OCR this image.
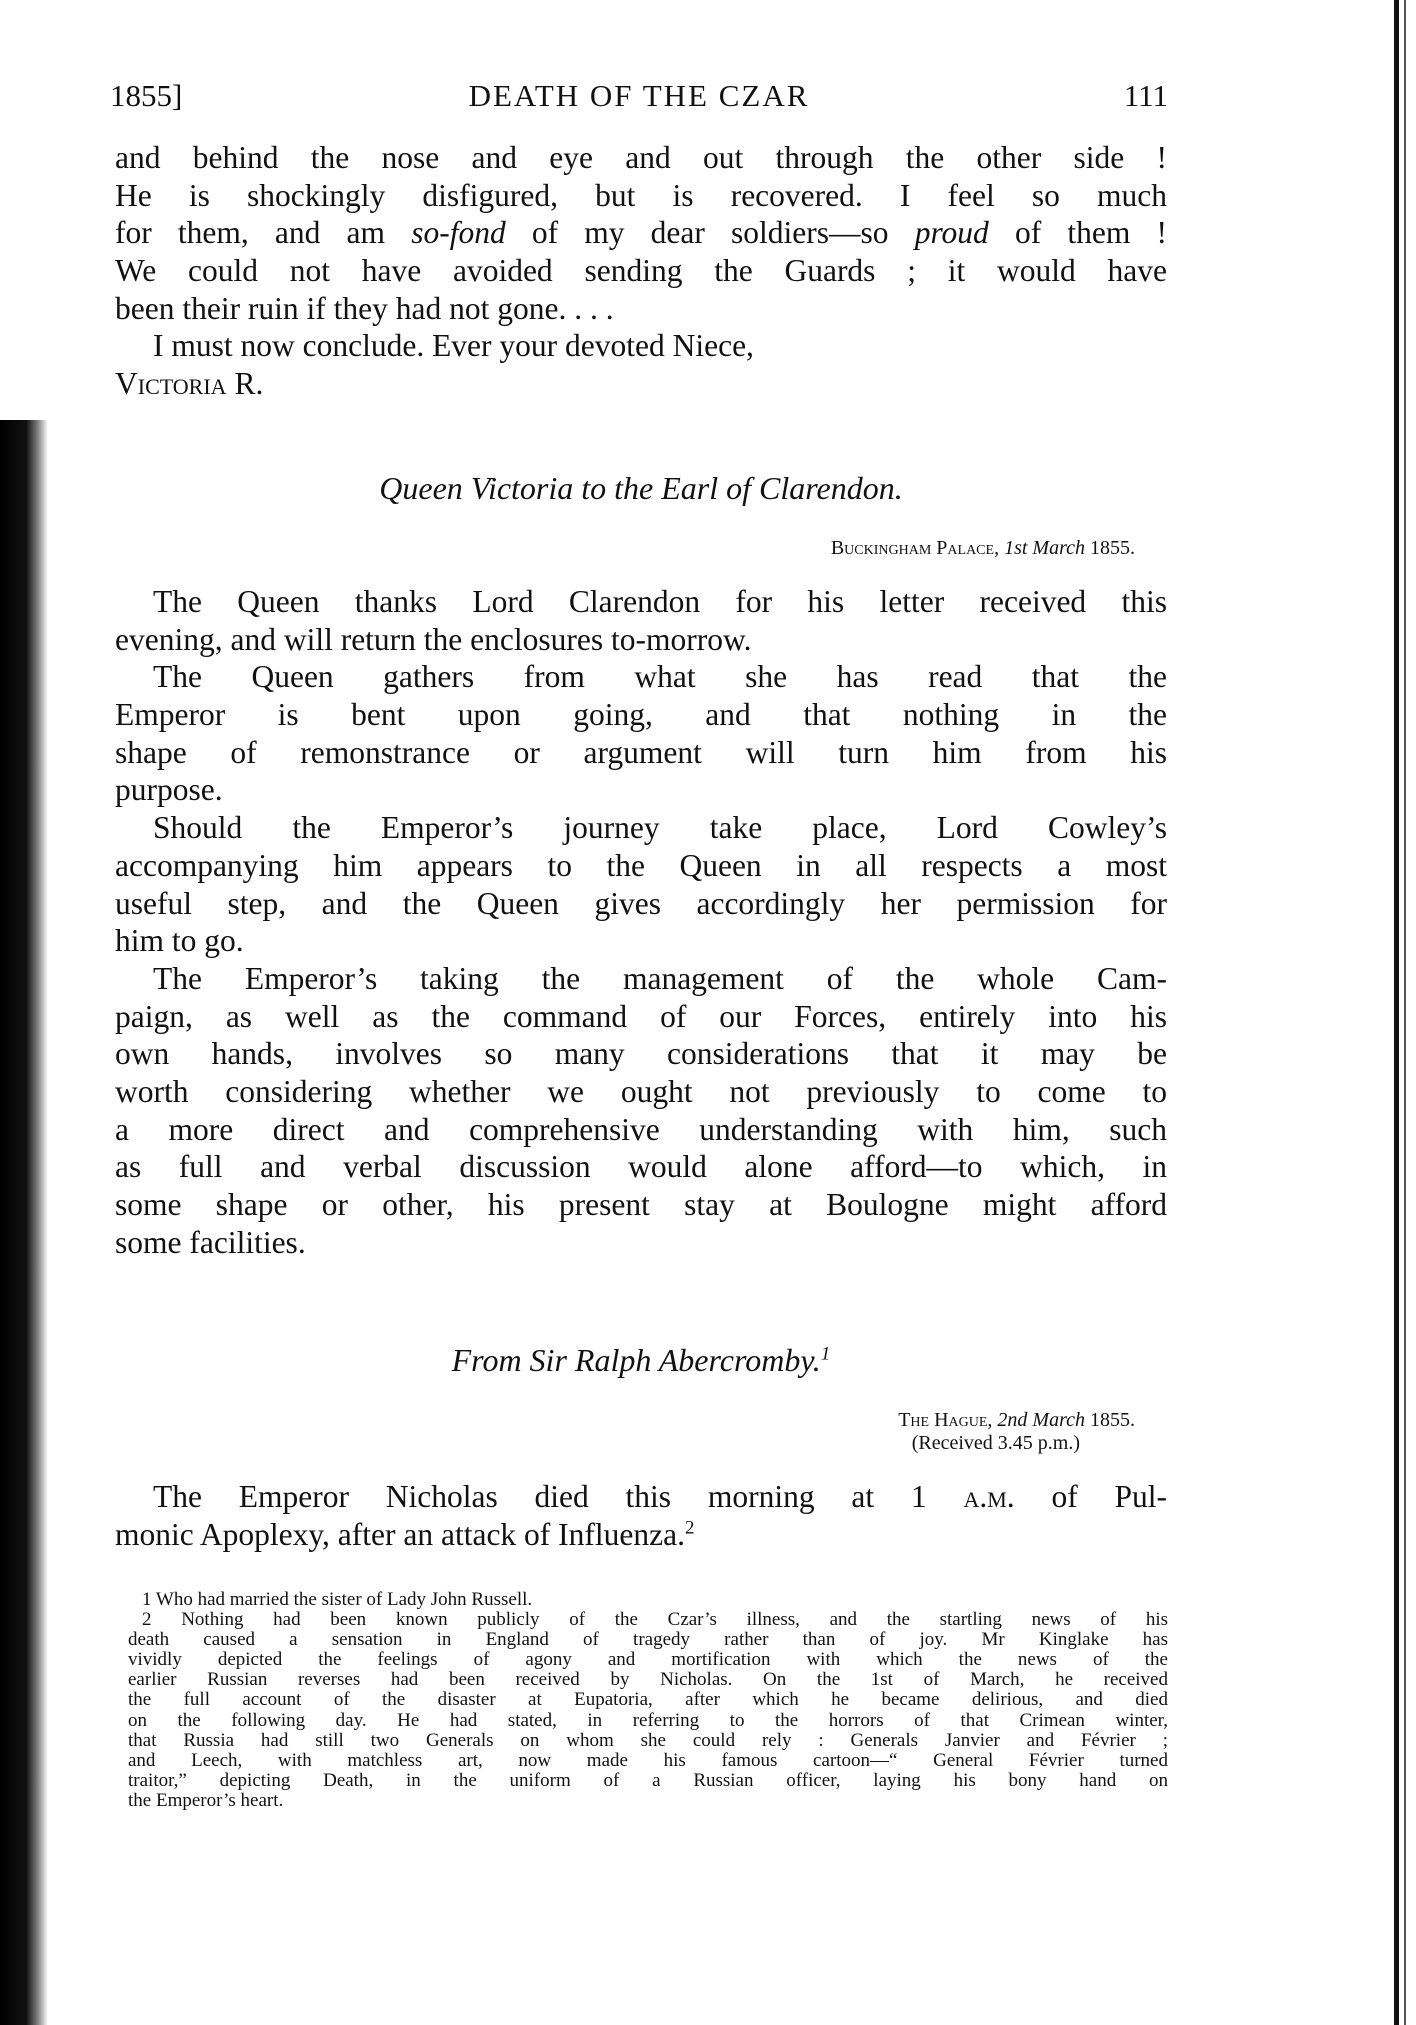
1855]	DEATH OF THE CZAR	111
and behind the nose and eye and out through the other side !
He is shockingly disfigured, but is recovered. I feel so much
for them, and am so-fond of my dear soldiers—so proud of them !
We could not have avoided sending the Guards ; it would have
been their ruin if they had not gone. . . .
I must now conclude. Ever your devoted Niece,
Victoria R.
Queen Victoria to the Earl of Clarendon.
Buckingham Palace, 1st March 1855.
The Queen thanks Lord Clarendon for his letter received this
evening, and will return the enclosures to-morrow.
The Queen gathers from what she has read that the
Emperor is bent upon going, and that nothing in the
shape of remonstrance or argument will turn him from his
purpose.
Should the Emperor’s journey take place, Lord Cowley’s
accompanying him appears to the Queen in all respects a most
useful step, and the Queen gives accordingly her permission for
him to go.
The Emperor’s taking the management of the whole Cam-
paign, as well as the command of our Forces, entirely into his
own hands, involves so many considerations that it may be
worth considering whether we ought not previously to come to
a more direct and comprehensive understanding with him, such
as full and verbal discussion would alone afford—to which, in
some shape or other, his present stay at Boulogne might afford
some facilities.
From Sir Ralph Abercromby.$^1$
The Hague, 2nd March 1855.
(Received 3.45 p.m.)
The Emperor Nicholas died this morning at 1 a.m. of Pul-
monic Apoplexy, after an attack of Influenza.$^2$
1 Who had married the sister of Lady John Russell.
2 Nothing had been known publicly of the Czar’s illness, and the startling news of his
death caused a sensation in England of tragedy rather than of joy. Mr Kinglake has
vividly depicted the feelings of agony and mortification with which the news of the
earlier Russian reverses had been received by Nicholas. On the 1st of March, he received
the full account of the disaster at Eupatoria, after which he became delirious, and died
on the following day. He had stated, in referring to the horrors of that Crimean winter,
that Russia had still two Generals on whom she could rely : Generals Janvier and Février ;
and Leech, with matchless art, now made his famous cartoon—“ General Février turned
traitor,” depicting Death, in the uniform of a Russian officer, laying his bony hand on
the Emperor’s heart.
